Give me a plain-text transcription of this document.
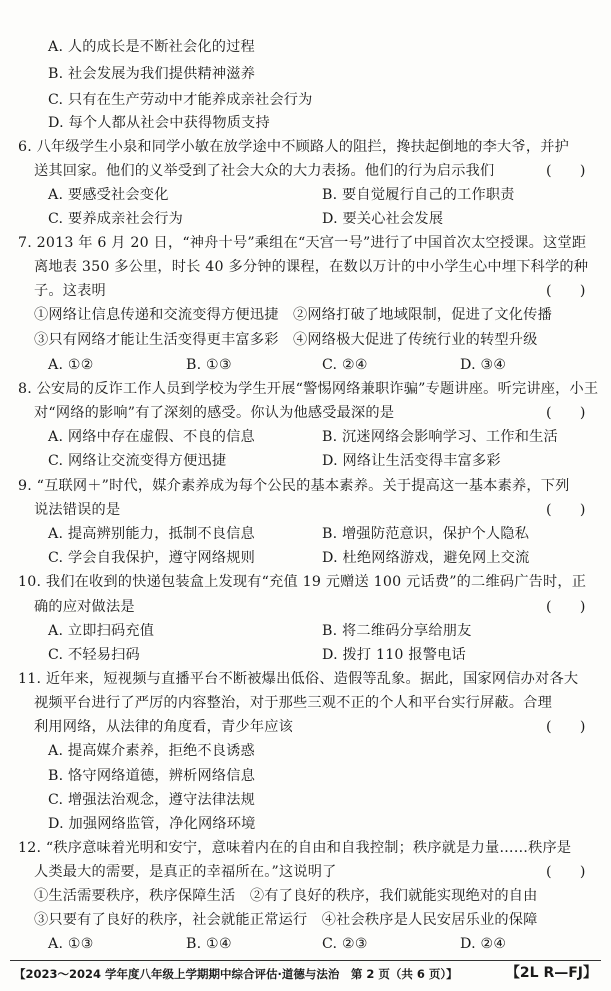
A. 人的成长是不断社会化的过程
B. 社会发展为我们提供精神滋养
C. 只有在生产劳动中才能养成亲社会行为
D. 每个人都从社会中获得物质支持
6. 八年级学生小泉和同学小敏在放学途中不顾路人的阻拦，搀扶起倒地的李大爷，并护
送其回家。他们的义举受到了社会大众的大力表扬。他们的行为启示我们	(　　)
A. 要感受社会变化	B. 要自觉履行自己的工作职责
C. 要养成亲社会行为	D. 要关心社会发展
7. 2013 年 6 月 20 日，“神舟十号”乘组在“天宫一号”进行了中国首次太空授课。这堂距
离地表 350 多公里，时长 40 多分钟的课程，在数以万计的中小学生心中埋下科学的种
子。这表明	(　　)
①网络让信息传递和交流变得方便迅捷　②网络打破了地域限制，促进了文化传播
③只有网络才能让生活变得更丰富多彩　④网络极大促进了传统行业的转型升级
A. ①②	B. ①③	C. ②④	D. ③④
8. 公安局的反诈工作人员到学校为学生开展“警惕网络兼职诈骗”专题讲座。听完讲座，小王
对“网络的影响”有了深刻的感受。你认为他感受最深的是	(　　)
A. 网络中存在虚假、不良的信息	B. 沉迷网络会影响学习、工作和生活
C. 网络让交流变得方便迅捷	D. 网络让生活变得丰富多彩
9. “互联网＋”时代，媒介素养成为每个公民的基本素养。关于提高这一基本素养，下列
说法错误的是	(　　)
A. 提高辨别能力，抵制不良信息	B. 增强防范意识，保护个人隐私
C. 学会自我保护，遵守网络规则	D. 杜绝网络游戏，避免网上交流
10. 我们在收到的快递包装盒上发现有“充值 19 元赠送 100 元话费”的二维码广告时，正
确的应对做法是	(　　)
A. 立即扫码充值	B. 将二维码分享给朋友
C. 不轻易扫码	D. 拨打 110 报警电话
11. 近年来，短视频与直播平台不断被爆出低俗、造假等乱象。据此，国家网信办对各大
视频平台进行了严厉的内容整治，对于那些三观不正的个人和平台实行屏蔽。合理
利用网络，从法律的角度看，青少年应该	(　　)
A. 提高媒介素养，拒绝不良诱惑
B. 恪守网络道德，辨析网络信息
C. 增强法治观念，遵守法律法规
D. 加强网络监管，净化网络环境
12. “秩序意味着光明和安宁，意味着内在的自由和自我控制；秩序就是力量……秩序是
人类最大的需要，是真正的幸福所在。”这说明了	(　　)
①生活需要秩序，秩序保障生活　②有了良好的秩序，我们就能实现绝对的自由
③只要有了良好的秩序，社会就能正常运行　④社会秩序是人民安居乐业的保障
A. ①③	B. ①④	C. ②③	D. ②④
【2023～2024 学年度八年级上学期期中综合评估·道德与法治　第 2 页（共 6 页）】	【2L R—FJ】
